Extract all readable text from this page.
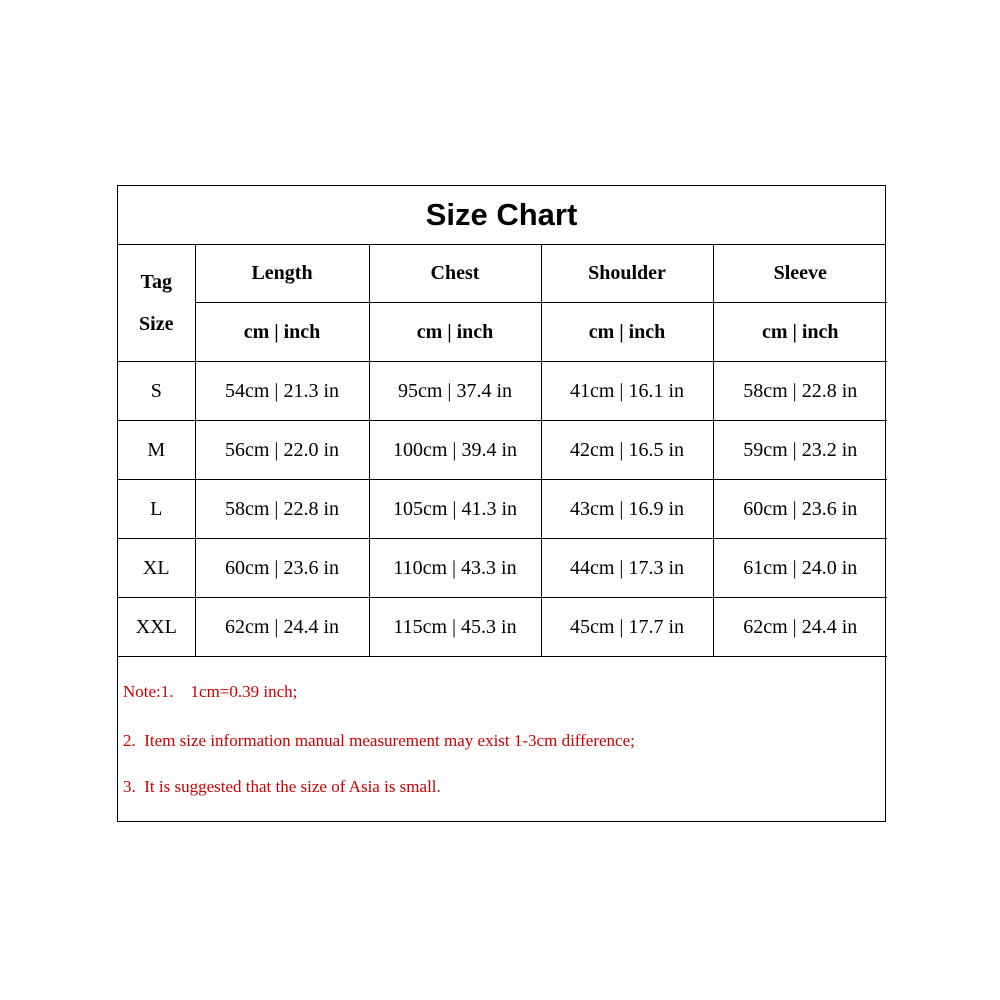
Size Chart
Tag
Size	Length	Chest	Shoulder	Sleeve
	cm | inch	cm | inch	cm | inch	cm | inch
S	54cm | 21.3 in	95cm | 37.4 in	41cm | 16.1 in	58cm | 22.8 in
M	56cm | 22.0 in	100cm | 39.4 in	42cm | 16.5 in	59cm | 23.2 in
L	58cm | 22.8 in	105cm | 41.3 in	43cm | 16.9 in	60cm | 23.6 in
XL	60cm | 23.6 in	110cm | 43.3 in	44cm | 17.3 in	61cm | 24.0 in
XXL	62cm | 24.4 in	115cm | 45.3 in	45cm | 17.7 in	62cm | 24.4 in
Note:1.    1cm=0.39 inch;
2.  Item size information manual measurement may exist 1-3cm difference;
3.  It is suggested that the size of Asia is small.
